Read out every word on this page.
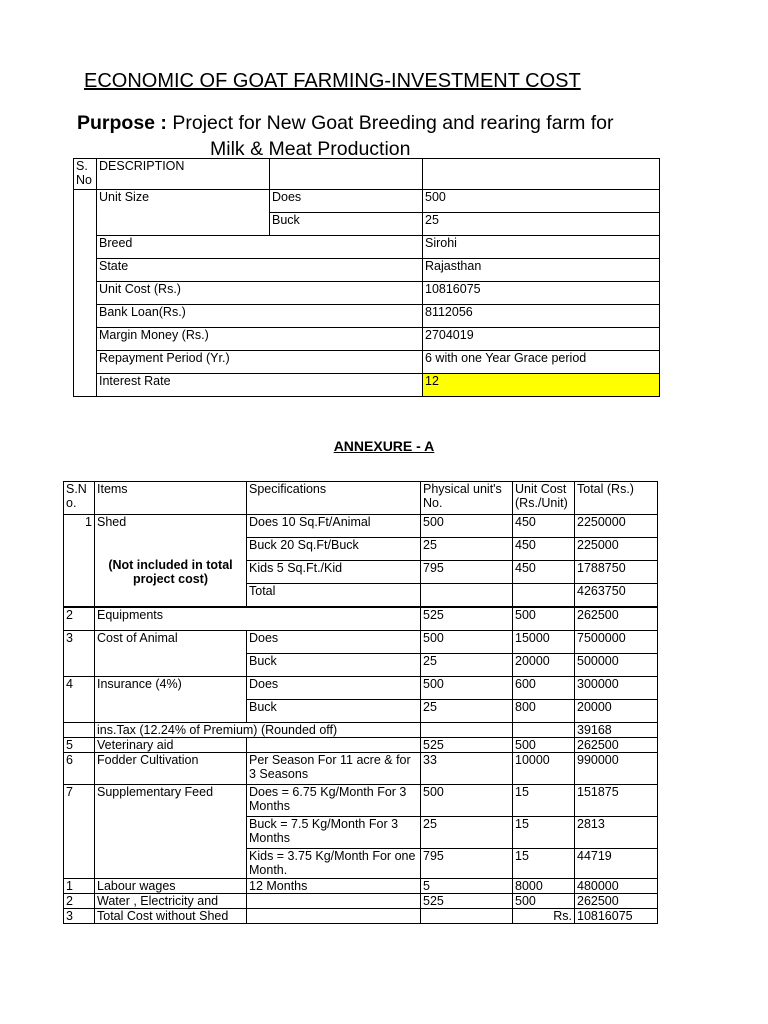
ECONOMIC OF GOAT FARMING-INVESTMENT COST
Purpose : Project for New Goat Breeding and rearing farm for
Milk & Meat Production
S. No	DESCRIPTION		
	Unit Size	Does	500
		Buck	25
	Breed		Sirohi
	State		Rajasthan
	Unit Cost (Rs.)		10816075
	Bank Loan(Rs.)		8112056
	Margin Money (Rs.)		2704019
	Repayment Period (Yr.)		6 with one Year Grace period
	Interest Rate		12
ANNEXURE - A
S.N o.	Items	Specifications	Physical unit's No.	Unit Cost (Rs./Unit)	Total (Rs.)
1	Shed	Does 10 Sq.Ft/Animal	500	450	2250000
	(Not included in total project cost)	Buck 20 Sq.Ft/Buck	25	450	225000
		Kids 5 Sq.Ft./Kid	795	450	1788750
		Total			4263750
2	Equipments		525	500	262500
3	Cost of Animal	Does	500	15000	7500000
		Buck	25	20000	500000
4	Insurance (4%)	Does	500	600	300000
		Buck	25	800	20000
	ins.Tax (12.24% of Premium) (Rounded off)				39168
5	Veterinary aid		525	500	262500
6	Fodder Cultivation	Per Season For 11 acre & for 3 Seasons	33	10000	990000
7	Supplementary Feed	Does = 6.75 Kg/Month For 3 Months	500	15	151875
		Buck = 7.5 Kg/Month For 3 Months	25	15	2813
		Kids = 3.75 Kg/Month For one Month.	795	15	44719
1	Labour wages	12 Months	5	8000	480000
2	Water , Electricity and		525	500	262500
3	Total Cost without Shed			Rs.	10816075
